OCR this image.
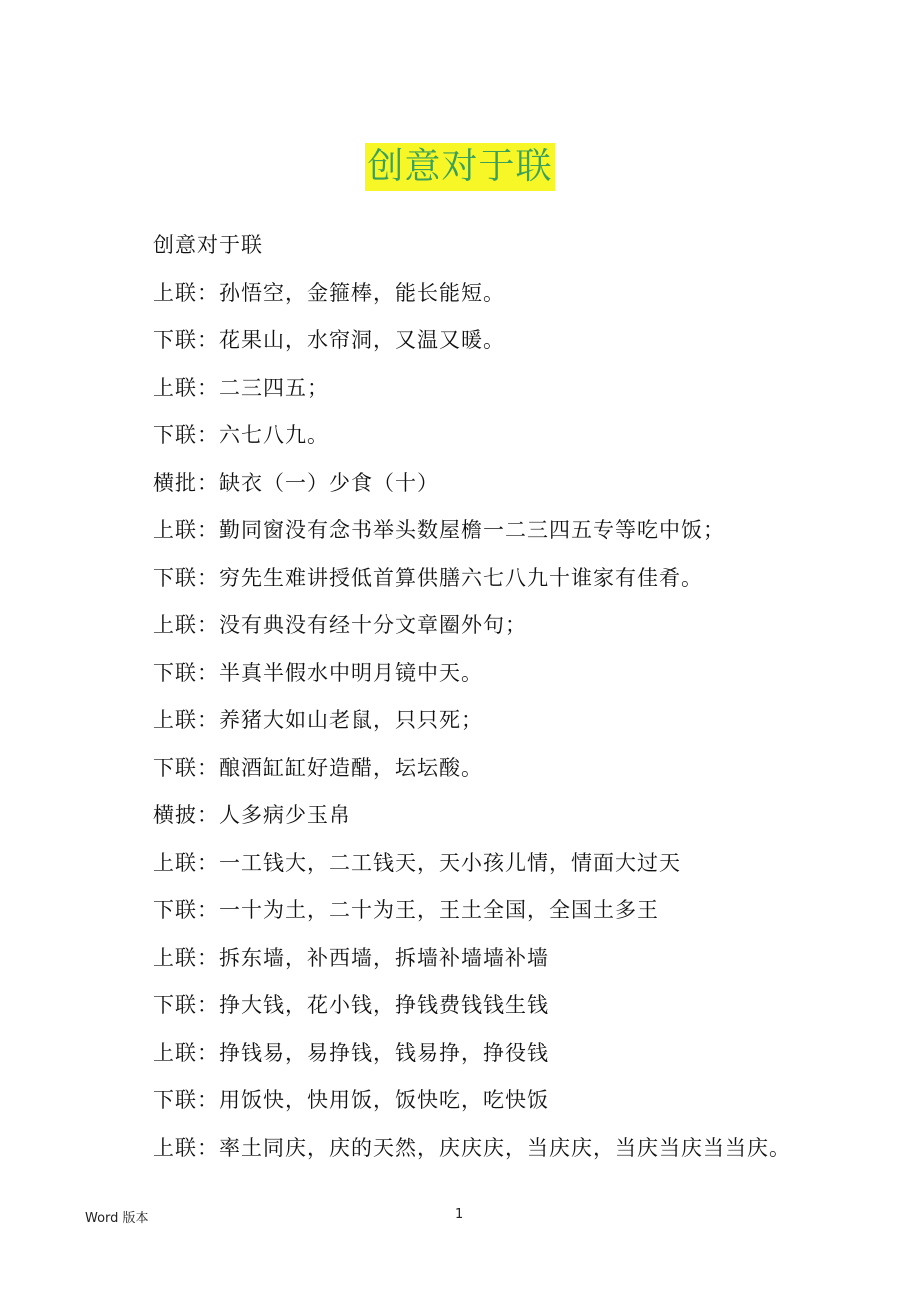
创意对于联
创意对于联
上联：孙悟空，金箍棒，能长能短。
下联：花果山，水帘洞，又温又暖。
上联：二三四五；
下联：六七八九。
横批：缺衣（一）少食（十）
上联：勤同窗没有念书举头数屋檐一二三四五专等吃中饭；
下联：穷先生难讲授低首算供膳六七八九十谁家有佳肴。
上联：没有典没有经十分文章圈外句；
下联：半真半假水中明月镜中天。
上联：养猪大如山老鼠，只只死；
下联：酿酒缸缸好造醋，坛坛酸。
横披：人多病少玉帛
上联：一工钱大，二工钱天，天小孩儿情，情面大过天
下联：一十为土，二十为王，王土全国，全国土多王
上联：拆东墙，补西墙，拆墙补墙墙补墙
下联：挣大钱，花小钱，挣钱费钱钱生钱
上联：挣钱易，易挣钱，钱易挣，挣役钱
下联：用饭快，快用饭，饭快吃，吃快饭
上联：率土同庆，庆的天然，庆庆庆，当庆庆，当庆当庆当当庆。
Word 版本	1
